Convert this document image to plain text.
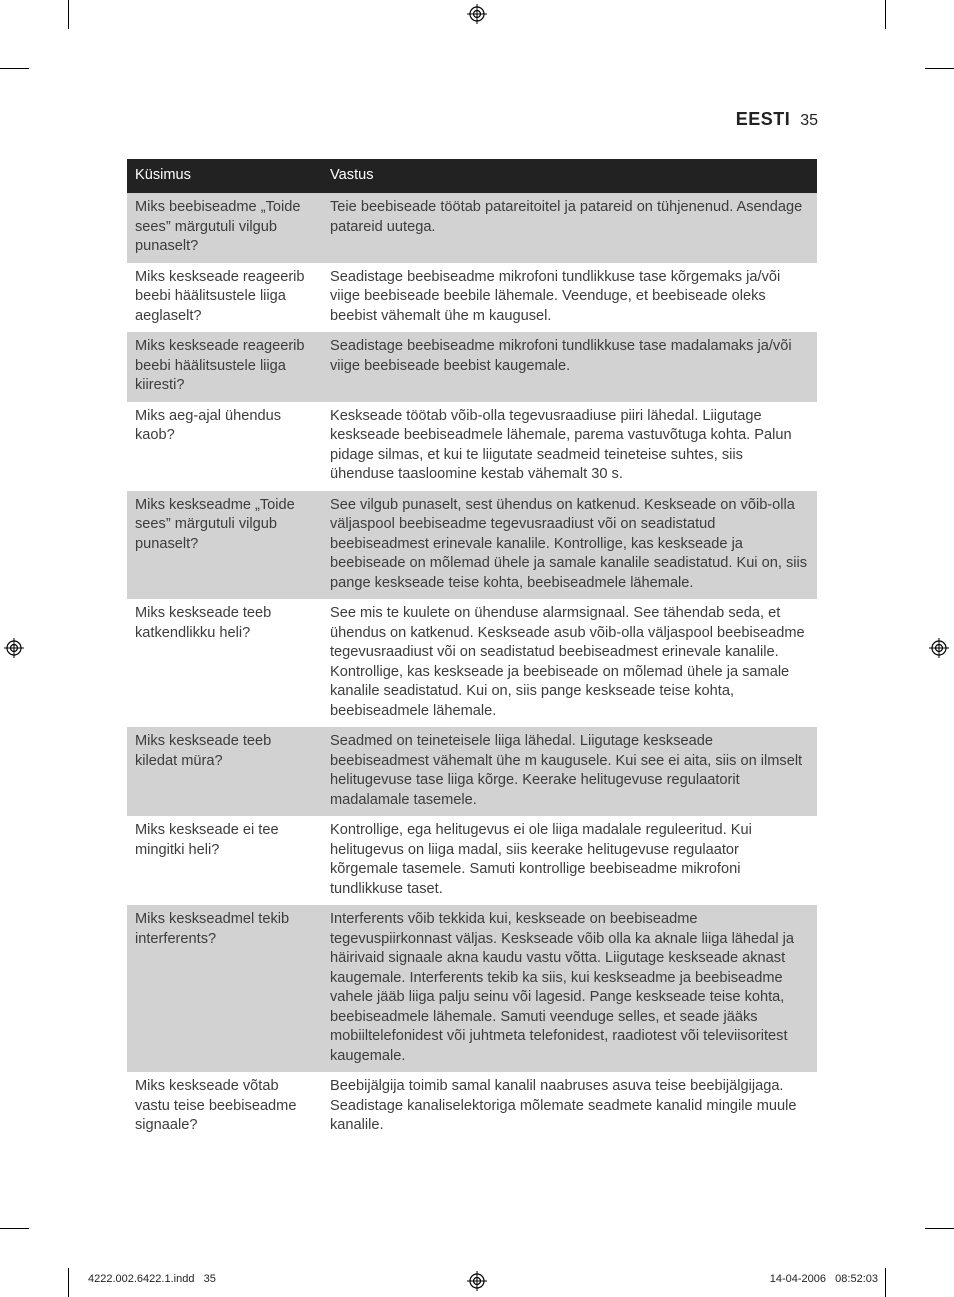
EESTI 35
Küsimus	Vastus
Miks beebiseadme „Toide sees” märgutuli vilgub punaselt?	Teie beebiseade töötab patareitoitel ja patareid on tühjenenud. Asendage patareid uutega.
Miks keskseade reageerib beebi häälitsustele liiga aeglaselt?	Seadistage beebiseadme mikrofoni tundlikkuse tase kõrgemaks ja/või viige beebiseade beebile lähemale. Veenduge, et beebiseade oleks beebist vähemalt ühe m kaugusel.
Miks keskseade reageerib beebi häälitsustele liiga kiiresti?	Seadistage beebiseadme mikrofoni tundlikkuse tase madalamaks ja/või viige beebiseade beebist kaugemale.
Miks aeg-ajal ühendus kaob?	Keskseade töötab võib-olla tegevusraadiuse piiri lähedal. Liigutage keskseade beebiseadmele lähemale, parema vastuvõtuga kohta. Palun pidage silmas, et kui te liigutate seadmeid teineteise suhtes, siis ühenduse taasloomine kestab vähemalt 30 s.
Miks keskseadme „Toide sees” märgutuli vilgub punaselt?	See vilgub punaselt, sest ühendus on katkenud. Keskseade on võib-olla väljaspool beebiseadme tegevusraadiust või on seadistatud beebiseadmest erinevale kanalile. Kontrollige, kas keskseade ja beebiseade on mõlemad ühele ja samale kanalile seadistatud. Kui on, siis pange keskseade teise kohta, beebiseadmele lähemale.
Miks keskseade teeb katkendlikku heli?	See mis te kuulete on ühenduse alarmsignaal. See tähendab seda, et ühendus on katkenud. Keskseade asub võib-olla väljaspool beebiseadme tegevusraadiust või on seadistatud beebiseadmest erinevale kanalile. Kontrollige, kas keskseade ja beebiseade on mõlemad ühele ja samale kanalile seadistatud. Kui on, siis pange keskseade teise kohta, beebiseadmele lähemale.
Miks keskseade teeb kiledat müra?	Seadmed on teineteisele liiga lähedal. Liigutage keskseade beebiseadmest vähemalt ühe m kaugusele. Kui see ei aita, siis on ilmselt helitugevuse tase liiga kõrge. Keerake helitugevuse regulaatorit madalamale tasemele.
Miks keskseade ei tee mingitki heli?	Kontrollige, ega helitugevus ei ole liiga madalale reguleeritud. Kui helitugevus on liiga madal, siis keerake helitugevuse regulaator kõrgemale tasemele. Samuti kontrollige beebiseadme mikrofoni tundlikkuse taset.
Miks keskseadmel tekib interferents?	Interferents võib tekkida kui, keskseade on beebiseadme tegevuspiirkonnast väljas. Keskseade võib olla ka aknale liiga lähedal ja häirivaid signaale akna kaudu vastu võtta. Liigutage keskseade aknast kaugemale. Interferents tekib ka siis, kui keskseadme ja beebiseadme vahele jääb liiga palju seinu või lagesid. Pange keskseade teise kohta, beebiseadmele lähemale. Samuti veenduge selles, et seade jääks mobiiltelefonidest või juhtmeta telefonidest, raadiotest või televiisoritest kaugemale.
Miks keskseade võtab vastu teise beebiseadme signaale?	Beebijälgija toimib samal kanalil naabruses asuva teise beebijälgijaga. Seadistage kanaliselektoriga mõlemate seadmete kanalid mingile muule kanalile.
4222.002.6422.1.indd   35	14-04-2006   08:52:03
